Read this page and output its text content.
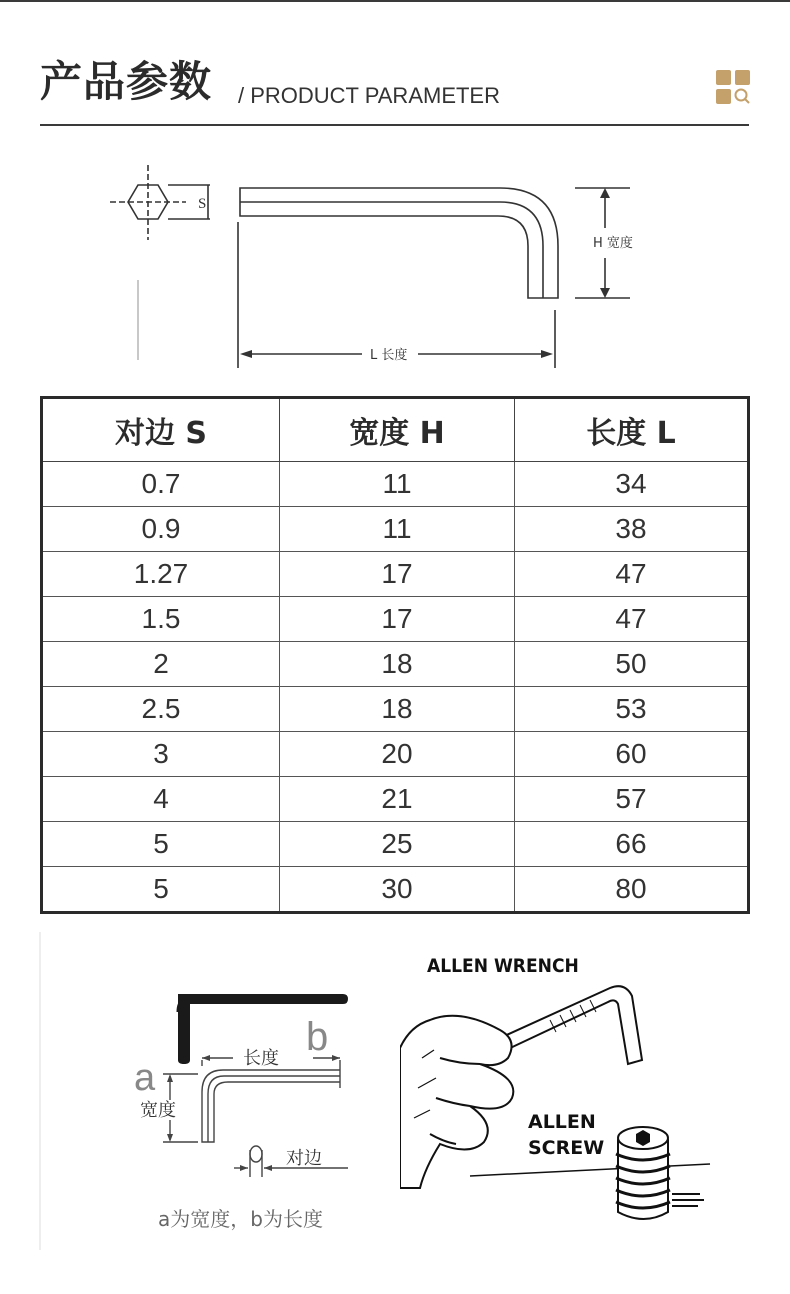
产品参数 / PRODUCT PARAMETER
S
H 宽度
L 长度
对边 S	宽度 H	长度 L
0.7	11	34
0.9	11	38
1.27	17	47
1.5	17	47
2	18	50
2.5	18	53
3	20	60
4	21	57
5	25	66
5	30	80
a
b
长度
宽度
对边
a为宽度，b为长度
ALLEN WRENCH
ALLEN
SCREW
